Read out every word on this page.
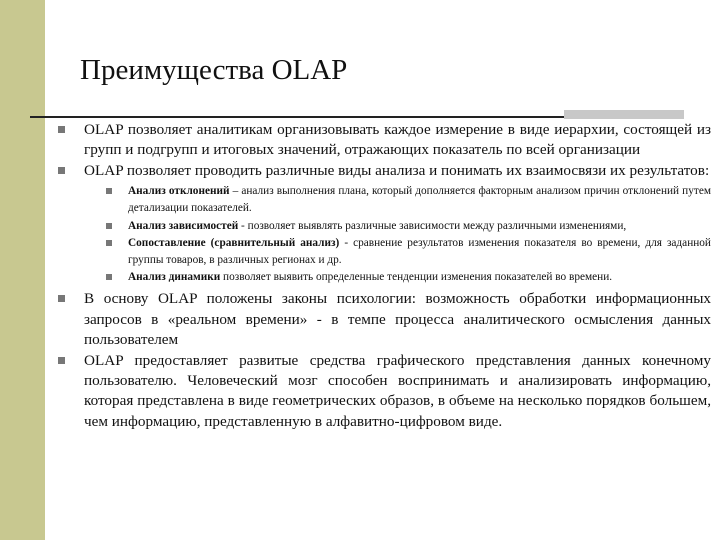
Преимущества OLAP
OLAP позволяет аналитикам организовывать каждое измерение в виде иерархии, состоящей из групп и подгрупп и итоговых значений, отражающих показатель по всей организации
OLAP позволяет проводить различные виды анализа и понимать их взаимосвязи их результатов:
Анализ отклонений – анализ выполнения плана, который дополняется факторным анализом причин отклонений путем детализации показателей.
Анализ зависимостей - позволяет выявлять различные зависимости между различными изменениями,
Сопоставление (сравнительный анализ) - сравнение результатов изменения показателя во времени, для заданной группы товаров, в различных регионах и др.
Анализ динамики позволяет выявить определенные тенденции изменения показателей во времени.
В основу OLAP положены законы психологии: возможность обработки информационных запросов в «реальном времени» - в темпе процесса аналитического осмысления данных пользователем
OLAP предоставляет развитые средства графического представления данных конечному пользователю. Человеческий мозг способен воспринимать и анализировать информацию, которая представлена в виде геометрических образов, в объеме на несколько порядков большем, чем информацию, представленную в алфавитно-цифровом виде.
